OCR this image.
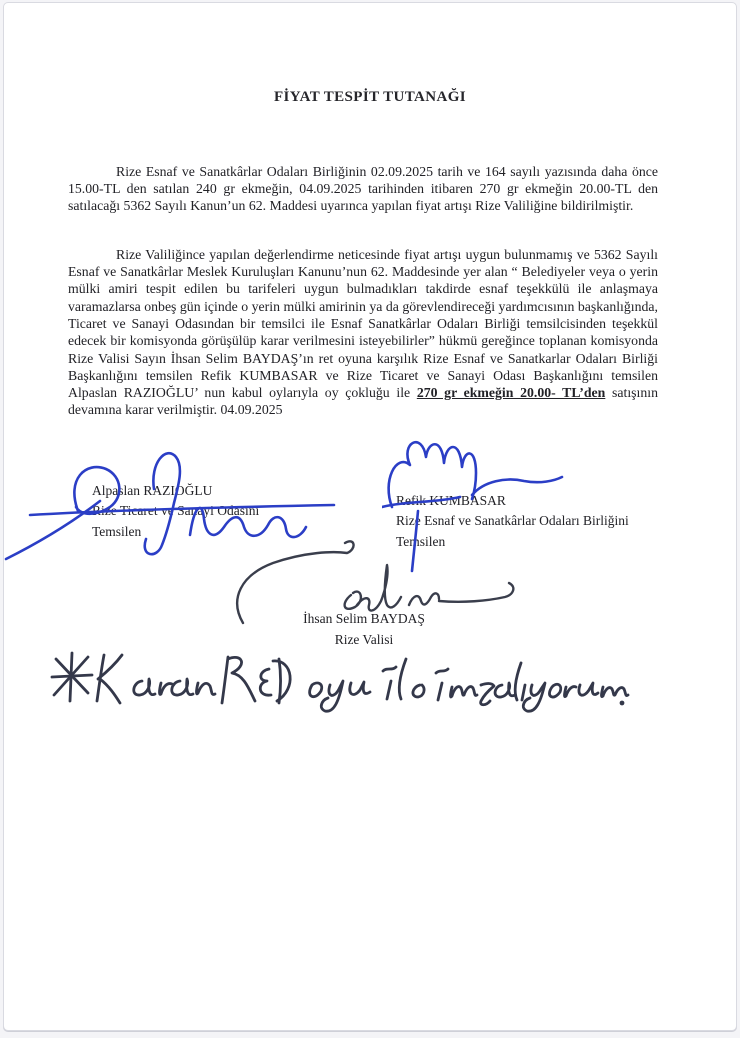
FİYAT TESPİT TUTANAĞI

Rize Esnaf ve Sanatkârlar Odaları Birliğinin 02.09.2025 tarih ve 164 sayılı yazısında daha önce 15.00-TL den satılan 240 gr ekmeğin, 04.09.2025 tarihinden itibaren 270 gr ekmeğin 20.00-TL den satılacağı 5362 Sayılı Kanun’un 62. Maddesi uyarınca yapılan fiyat artışı Rize Valiliğine bildirilmiştir.

Rize Valiliğince yapılan değerlendirme neticesinde fiyat artışı uygun bulunmamış ve 5362 Sayılı Esnaf ve Sanatkârlar Meslek Kuruluşları Kanunu’nun 62. Maddesinde yer alan “ Belediyeler veya o yerin mülki amiri tespit edilen bu tarifeleri uygun bulmadıkları takdirde esnaf teşekkülü ile anlaşmaya varamazlarsa onbeş gün içinde o yerin mülki amirinin ya da görevlendireceği yardımcısının başkanlığında, Ticaret ve Sanayi Odasından bir temsilci ile Esnaf Sanatkârlar Odaları Birliği temsilcisinden teşekkül edecek bir komisyonda görüşülüp karar verilmesini isteyebilirler” hükmü gereğince toplanan komisyonda Rize Valisi Sayın İhsan Selim BAYDAŞ’ın ret oyuna karşılık Rize Esnaf ve Sanatkarlar Odaları Birliği Başkanlığını temsilen Refik KUMBASAR ve Rize Ticaret ve Sanayi Odası Başkanlığını temsilen Alpaslan RAZIOĞLU’ nun kabul oylarıyla oy çokluğu ile 270 gr ekmeğin 20.00- TL’den satışının devamına karar verilmiştir. 04.09.2025

Alpaslan RAZIOĞLU
Rize Ticaret ve Sanayi Odasını
Temsilen
Refik KUMBASAR
Rize Esnaf ve Sanatkârlar Odaları Birliğini
Temsilen
İhsan Selim BAYDAŞ
Rize Valisi
